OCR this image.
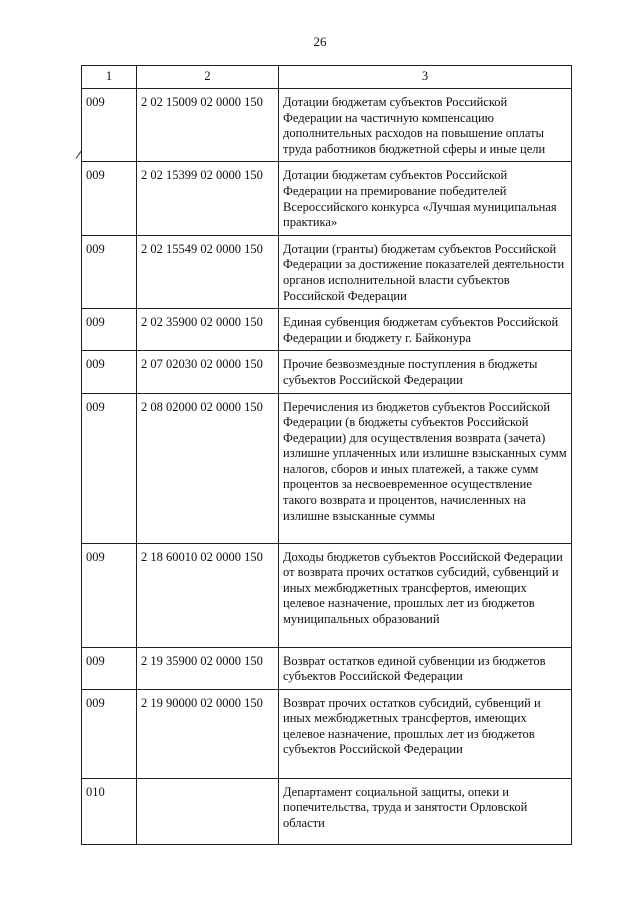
26
1	2	3
009	2 02 15009 02 0000 150	Дотации бюджетам субъектов Российской Федерации на частичную компенсацию дополнительных расходов на повышение оплаты труда работников бюджетной сферы и иные цели
009	2 02 15399 02 0000 150	Дотации бюджетам субъектов Российской Федерации на премирование победителей Всероссийского конкурса «Лучшая муниципальная практика»
009	2 02 15549 02 0000 150	Дотации (гранты) бюджетам субъектов Российской Федерации за достижение показателей деятельности органов исполнительной власти субъектов Российской Федерации
009	2 02 35900 02 0000 150	Единая субвенция бюджетам субъектов Российской Федерации и бюджету г. Байконура
009	2 07 02030 02 0000 150	Прочие безвозмездные поступления в бюджеты субъектов Российской Федерации
009	2 08 02000 02 0000 150	Перечисления из бюджетов субъектов Российской Федерации (в бюджеты субъектов Российской Федерации) для осуществления возврата (зачета) излишне уплаченных или излишне взысканных сумм налогов, сборов и иных платежей, а также сумм процентов за несвоевременное осуществление такого возврата и процентов, начисленных на излишне взысканные суммы
009	2 18 60010 02 0000 150	Доходы бюджетов субъектов Российской Федерации от возврата прочих остатков субсидий, субвенций и иных межбюджетных трансфертов, имеющих целевое назначение, прошлых лет из бюджетов муниципальных образований
009	2 19 35900 02 0000 150	Возврат остатков единой субвенции из бюджетов субъектов Российской Федерации
009	2 19 90000 02 0000 150	Возврат прочих остатков субсидий, субвенций и иных межбюджетных трансфертов, имеющих целевое назначение, прошлых лет из бюджетов субъектов Российской Федерации
010		Департамент социальной защиты, опеки и попечительства, труда и занятости Орловской области
